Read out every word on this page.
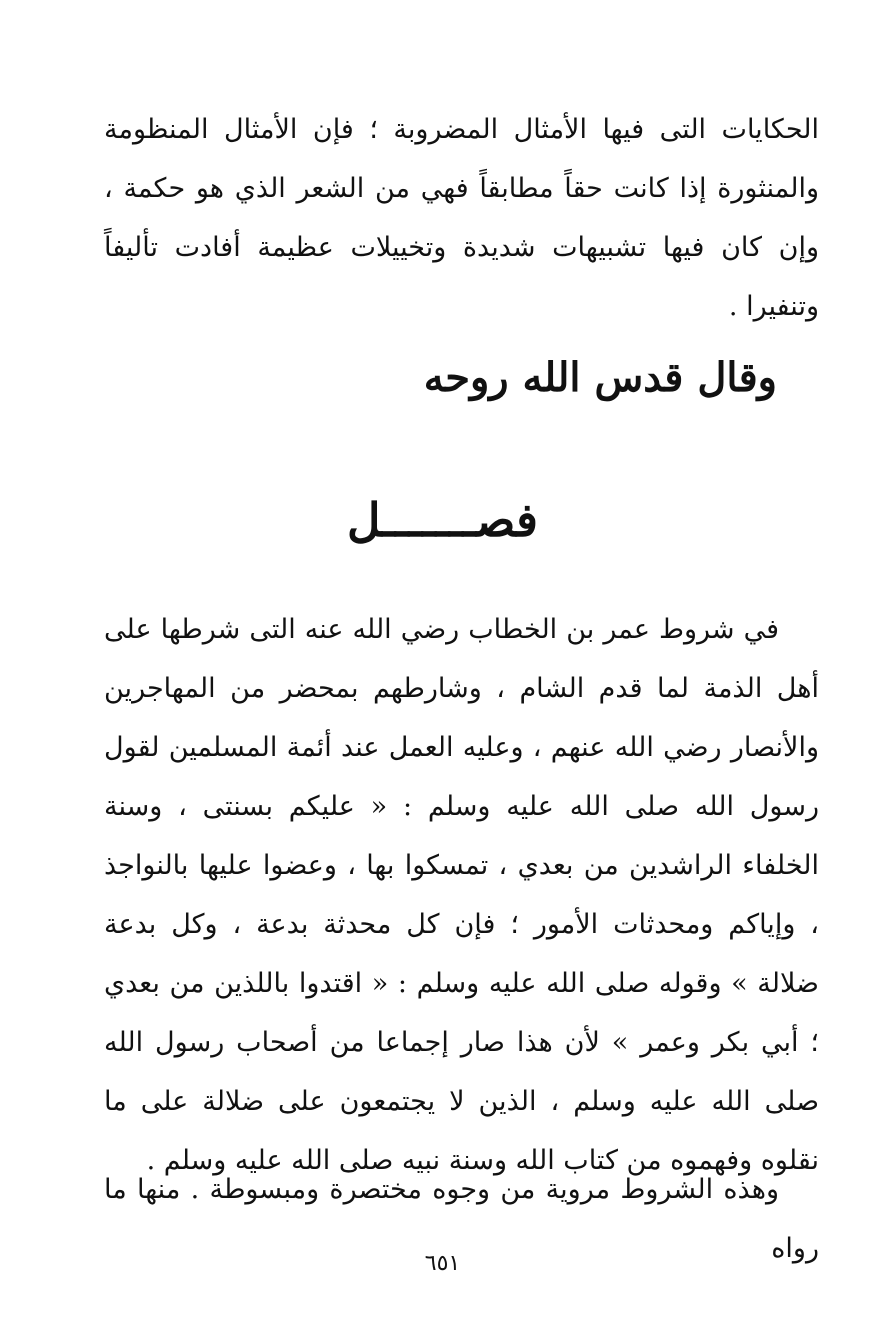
الحكايات التى فيها الأمثال المضروبة ؛ فإن الأمثال المنظومة والمنثورة إذا كانت حقاً مطابقاً فهي من الشعر الذي هو حكمة ، وإن كان فيها تشبيهات شديدة وتخييلات عظيمة أفادت تأليفاً وتنفيرا .

وقال قدس الله روحه
فصـــــــل

في شروط عمر بن الخطاب رضي الله عنه التى شرطها على أهل الذمة لما قدم الشام ، وشارطهم بمحضر من المهاجرين والأنصار رضي الله عنهم ، وعليه العمل عند أئمة المسلمين لقول رسول الله صلى الله عليه وسلم : « عليكم بسنتى ، وسنة الخلفاء الراشدين من بعدي ، تمسكوا بها ، وعضوا عليها بالنواجذ ، وإياكم ومحدثات الأمور ؛ فإن كل محدثة بدعة ، وكل بدعة ضلالة » وقوله صلى الله عليه وسلم : « اقتدوا باللذين من بعدي ؛ أبي بكر وعمر » لأن هذا صار إجماعا من أصحاب رسول الله صلى الله عليه وسلم ، الذين لا يجتمعون على ضلالة على ما نقلوه وفهموه من كتاب الله وسنة نبيه صلى الله عليه وسلم .

وهذه الشروط مروية من وجوه مختصرة ومبسوطة . منها ما رواه

٦٥١
